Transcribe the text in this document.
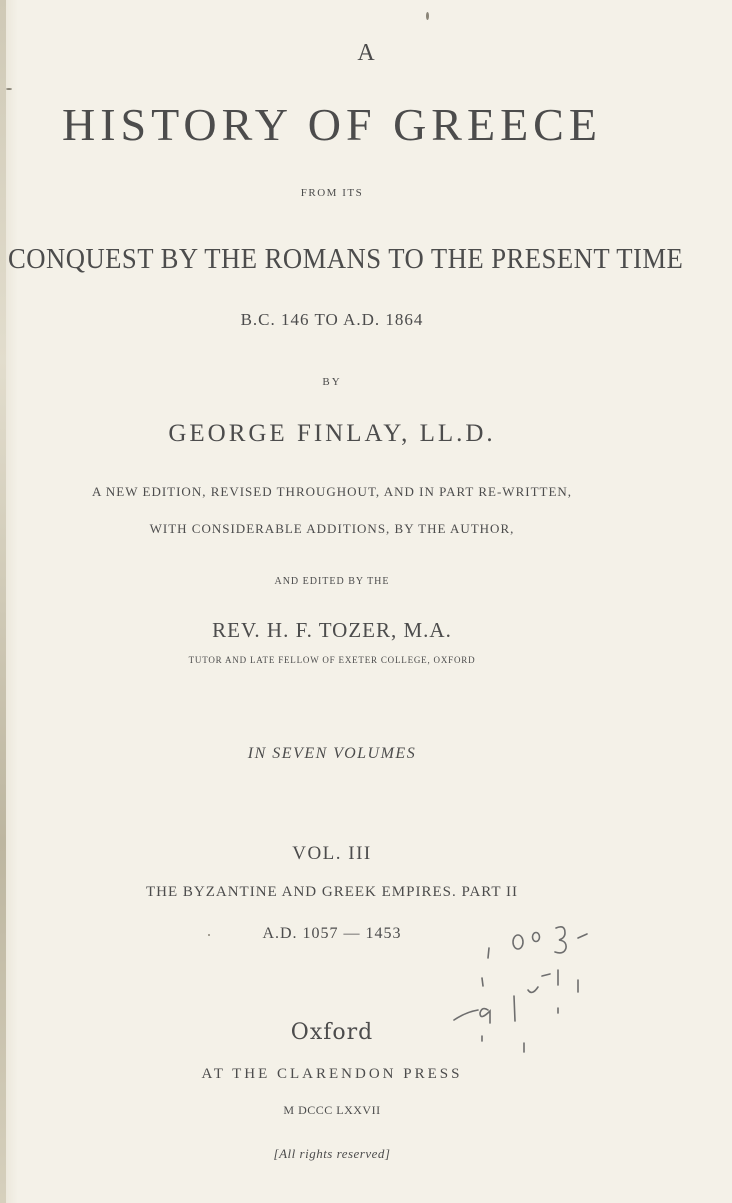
A
HISTORY OF GREECE
FROM ITS
CONQUEST BY THE ROMANS TO THE PRESENT TIME
B.C. 146 TO A.D. 1864
BY
GEORGE FINLAY, LL.D.
A NEW EDITION, REVISED THROUGHOUT, AND IN PART RE-WRITTEN,
WITH CONSIDERABLE ADDITIONS, BY THE AUTHOR,
AND EDITED BY THE
REV. H. F. TOZER, M.A.
TUTOR AND LATE FELLOW OF EXETER COLLEGE, OXFORD
IN SEVEN VOLUMES
VOL. III
THE BYZANTINE AND GREEK EMPIRES. PART II
A.D. 1057 — 1453
Oxford
AT THE CLARENDON PRESS
M DCCC LXXVII
[All rights reserved]
